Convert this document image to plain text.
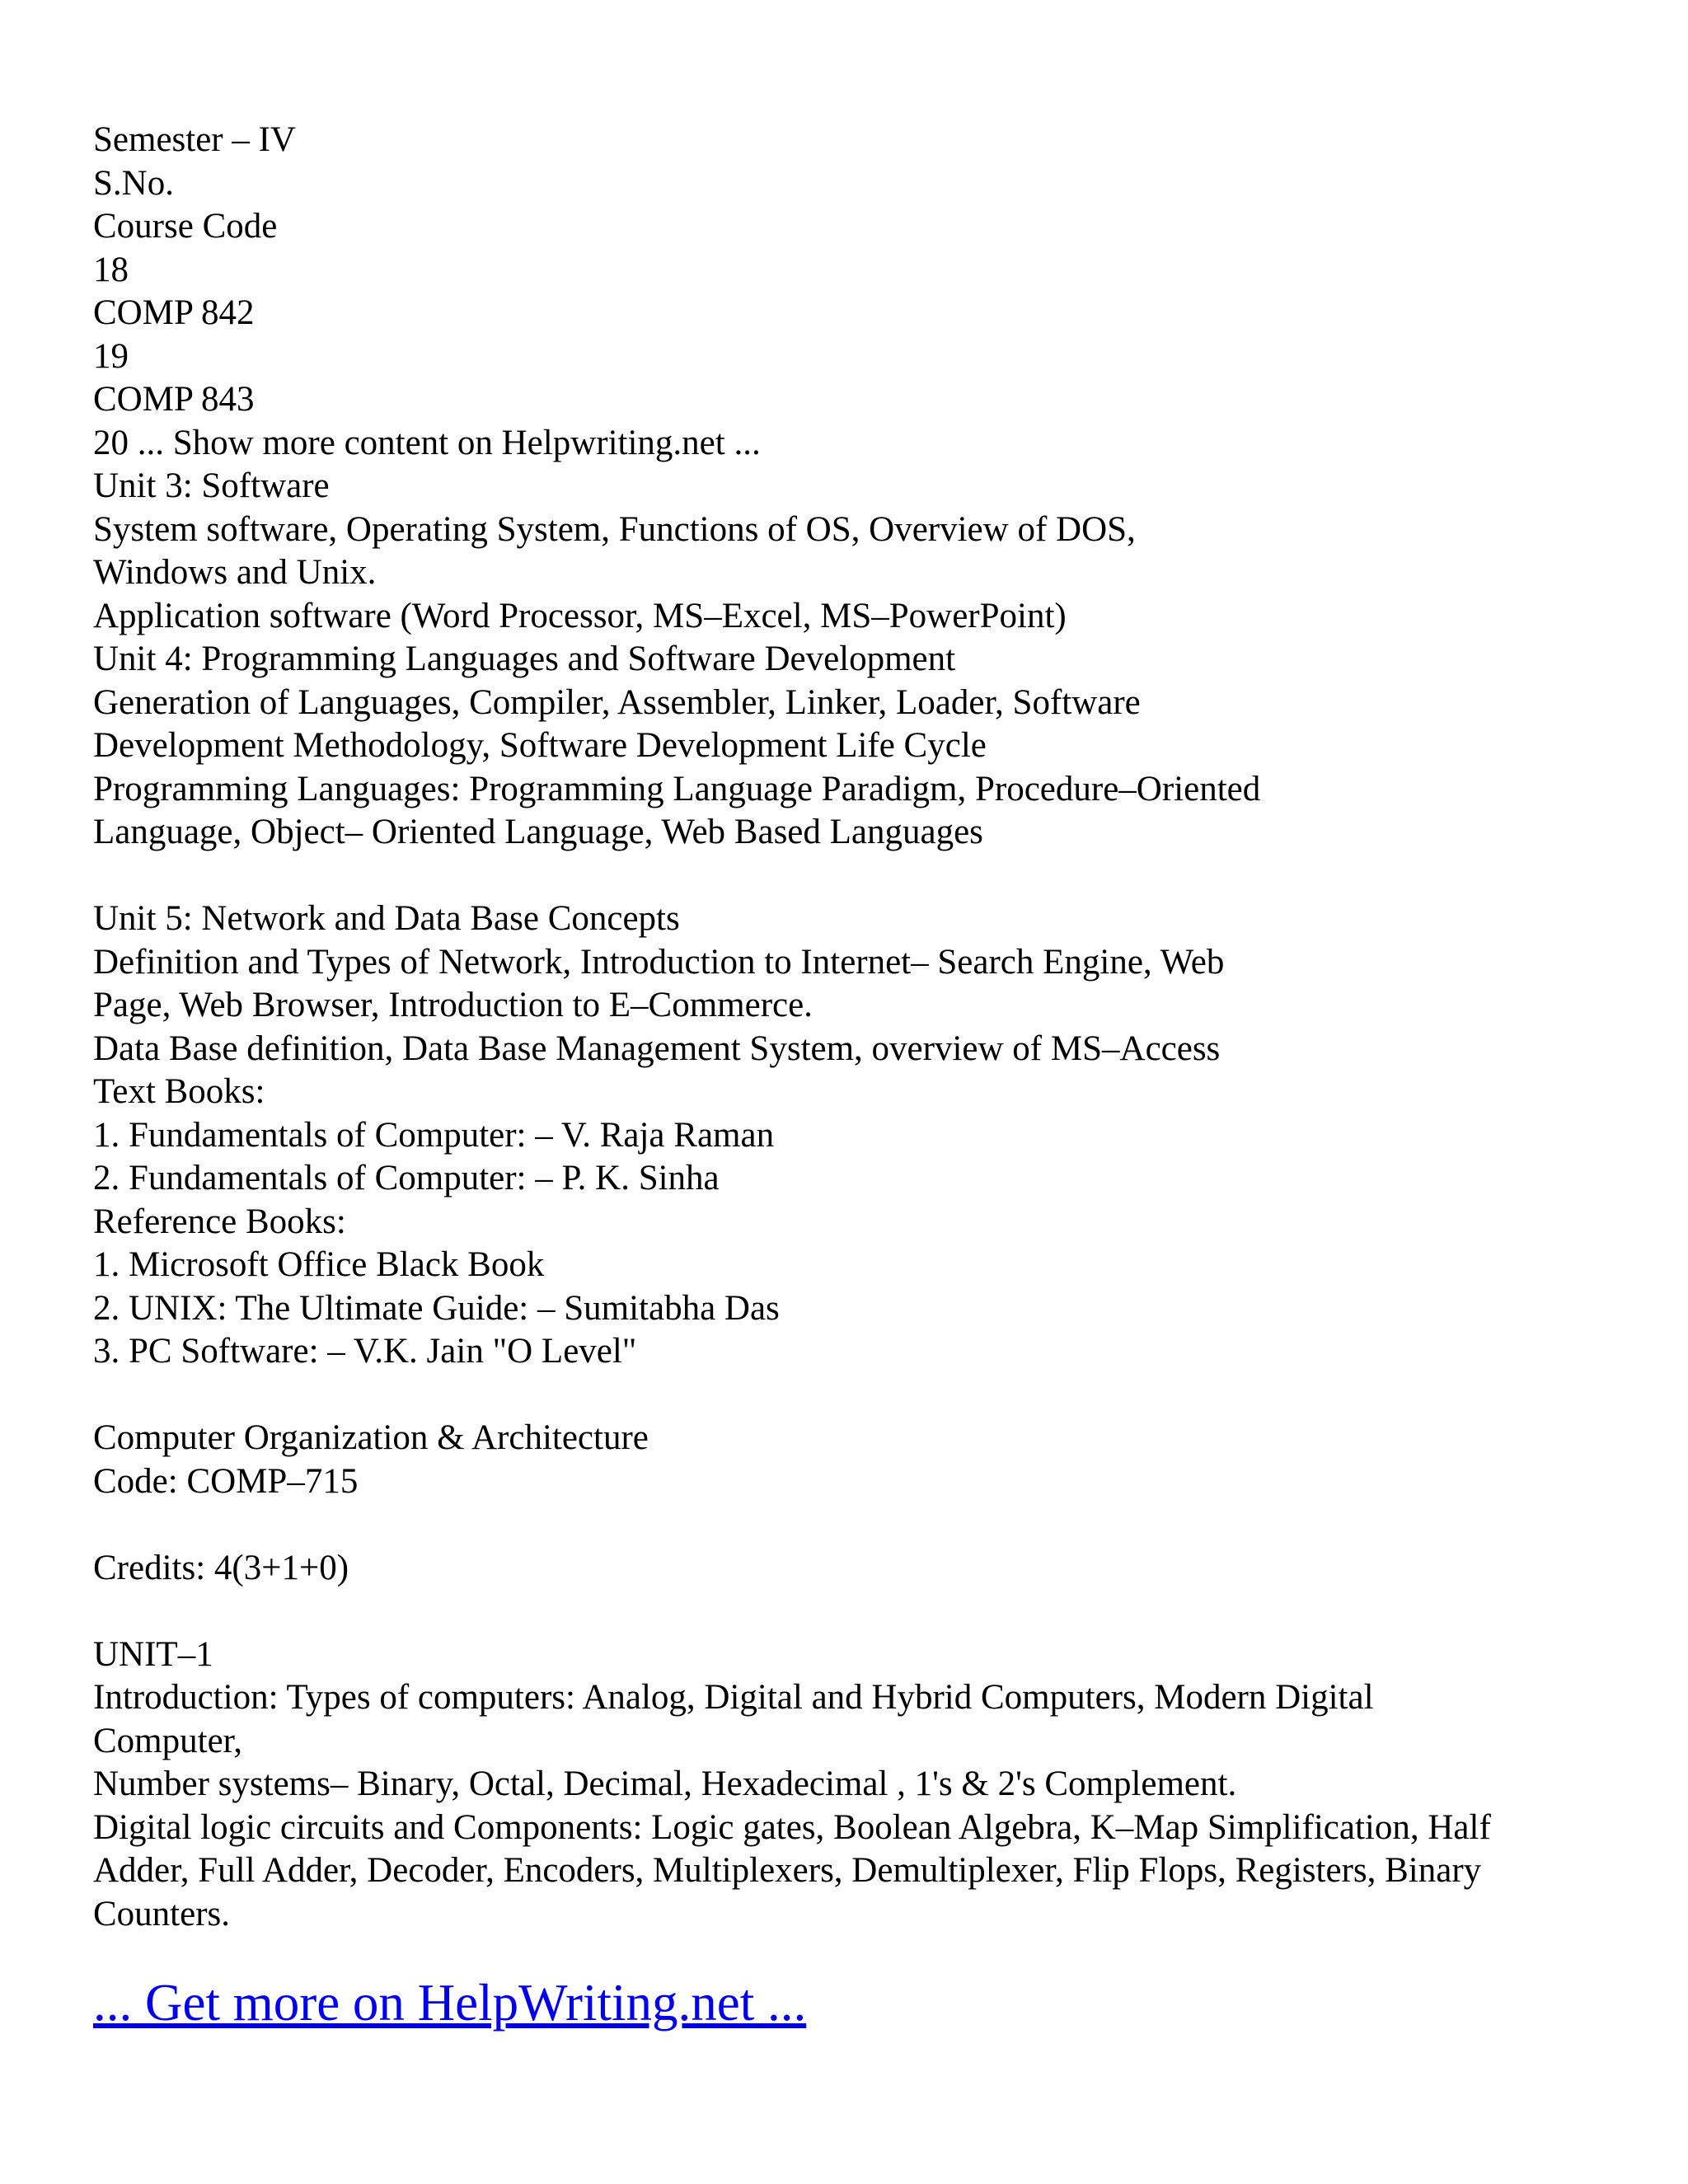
Semester – IV
S.No.
Course Code
18
COMP 842
19
COMP 843
20 ... Show more content on Helpwriting.net ...
Unit 3: Software
System software, Operating System, Functions of OS, Overview of DOS,
Windows and Unix.
Application software (Word Processor, MS–Excel, MS–PowerPoint)
Unit 4: Programming Languages and Software Development
Generation of Languages, Compiler, Assembler, Linker, Loader, Software
Development Methodology, Software Development Life Cycle
Programming Languages: Programming Language Paradigm, Procedure–Oriented
Language, Object– Oriented Language, Web Based Languages
Unit 5: Network and Data Base Concepts
Definition and Types of Network, Introduction to Internet– Search Engine, Web
Page, Web Browser, Introduction to E–Commerce.
Data Base definition, Data Base Management System, overview of MS–Access
Text Books:
1. Fundamentals of Computer: – V. Raja Raman
2. Fundamentals of Computer: – P. K. Sinha
Reference Books:
1. Microsoft Office Black Book
2. UNIX: The Ultimate Guide: – Sumitabha Das
3. PC Software: – V.K. Jain "O Level"
Computer Organization & Architecture
Code: COMP–715
Credits: 4(3+1+0)
UNIT–1
Introduction: Types of computers: Analog, Digital and Hybrid Computers, Modern Digital
Computer,
Number systems– Binary, Octal, Decimal, Hexadecimal , 1's & 2's Complement.
Digital logic circuits and Components: Logic gates, Boolean Algebra, K–Map Simplification, Half
Adder, Full Adder, Decoder, Encoders, Multiplexers, Demultiplexer, Flip Flops, Registers, Binary
Counters.
... Get more on HelpWriting.net ...
